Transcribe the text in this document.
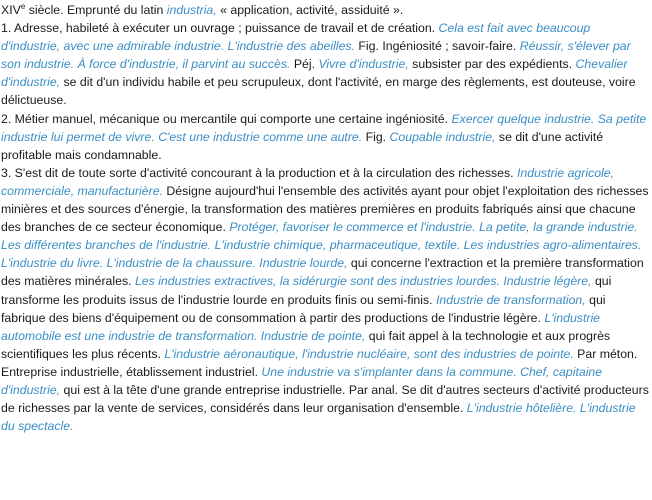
XIVe siècle. Emprunté du latin industria, « application, activité, assiduité ».

1. Adresse, habileté à exécuter un ouvrage ; puissance de travail et de création. Cela est fait avec beaucoup d'industrie, avec une admirable industrie. L'industrie des abeilles. Fig. Ingéniosité ; savoir-faire. Réussir, s'élever par son industrie. À force d'industrie, il parvint au succès. Péj. Vivre d'industrie, subsister par des expédients. Chevalier d'industrie, se dit d'un individu habile et peu scrupuleux, dont l'activité, en marge des règlements, est douteuse, voire délictueuse.

2. Métier manuel, mécanique ou mercantile qui comporte une certaine ingéniosité. Exercer quelque industrie. Sa petite industrie lui permet de vivre. C'est une industrie comme une autre. Fig. Coupable industrie, se dit d'une activité profitable mais condamnable.

3. S'est dit de toute sorte d'activité concourant à la production et à la circulation des richesses. Industrie agricole, commerciale, manufacturière. Désigne aujourd'hui l'ensemble des activités ayant pour objet l'exploitation des richesses minières et des sources d'énergie, la transformation des matières premières en produits fabriqués ainsi que chacune des branches de ce secteur économique. Protéger, favoriser le commerce et l'industrie. La petite, la grande industrie. Les différentes branches de l'industrie. L'industrie chimique, pharmaceutique, textile. Les industries agro-alimentaires. L'industrie du livre. L'industrie de la chaussure. Industrie lourde, qui concerne l'extraction et la première transformation des matières minérales. Les industries extractives, la sidérurgie sont des industries lourdes. Industrie légère, qui transforme les produits issus de l'industrie lourde en produits finis ou semi-finis. Industrie de transformation, qui fabrique des biens d'équipement ou de consommation à partir des productions de l'industrie légère. L'industrie automobile est une industrie de transformation. Industrie de pointe, qui fait appel à la technologie et aux progrès scientifiques les plus récents. L'industrie aéronautique, l'industrie nucléaire, sont des industries de pointe. Par méton. Entreprise industrielle, établissement industriel. Une industrie va s'implanter dans la commune. Chef, capitaine d'industrie, qui est à la tête d'une grande entreprise industrielle. Par anal. Se dit d'autres secteurs d'activité producteurs de richesses par la vente de services, considérés dans leur organisation d'ensemble. L'industrie hôtelière. L'industrie du spectacle.
